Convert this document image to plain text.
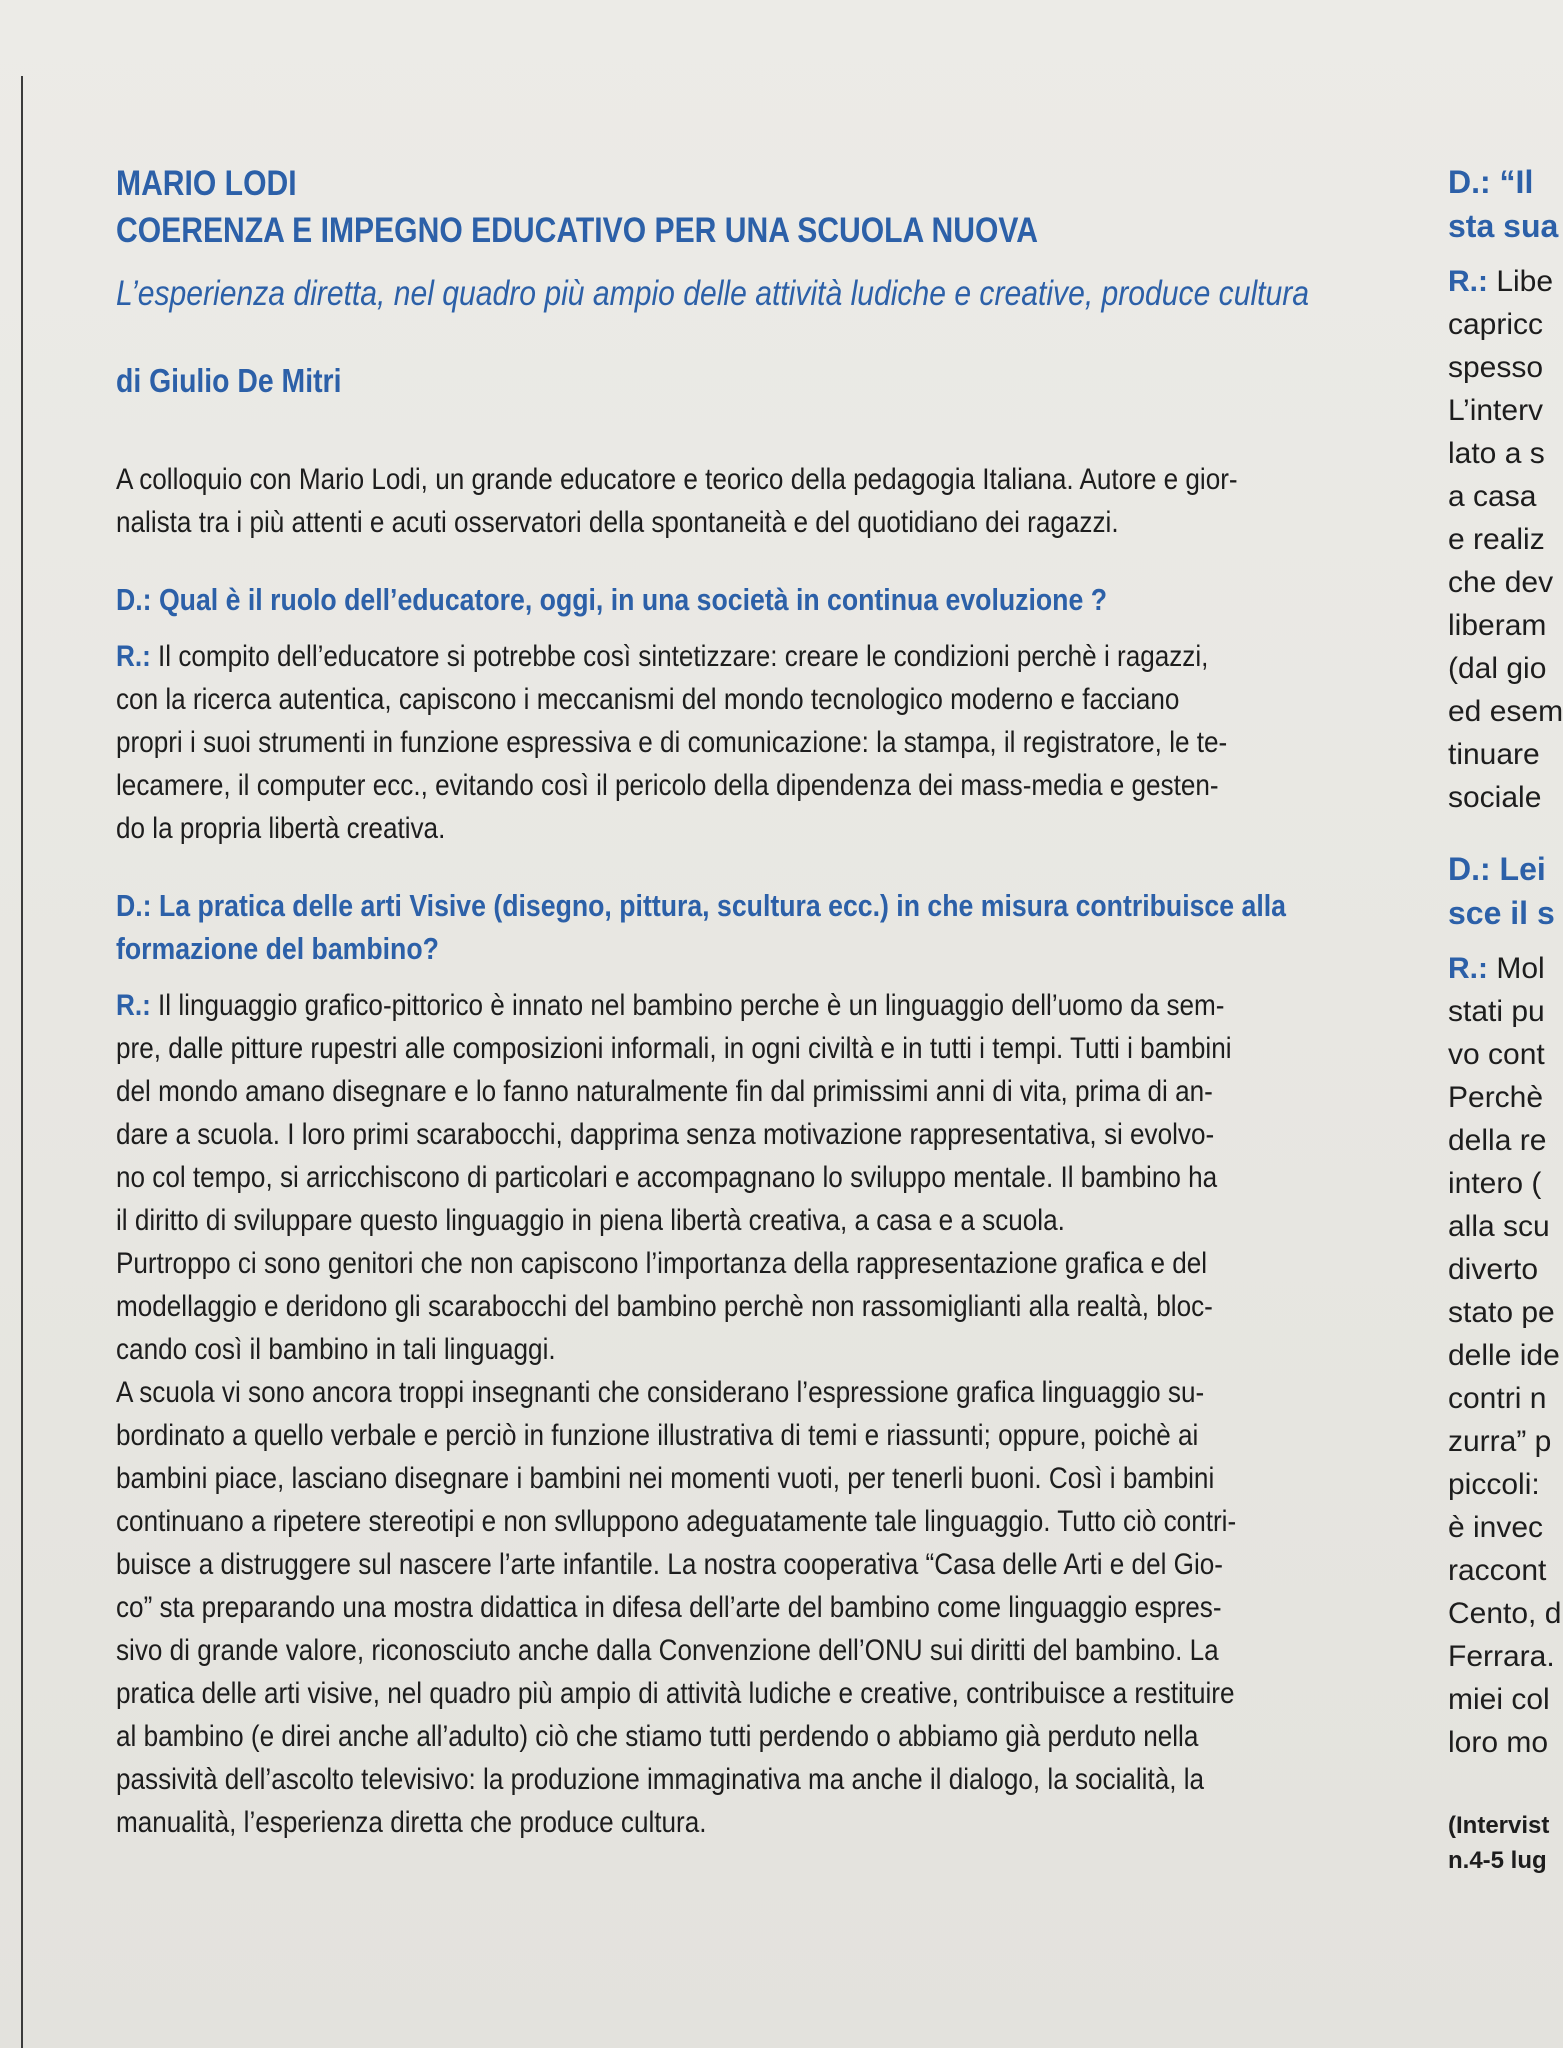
MARIO LODI
COERENZA E IMPEGNO EDUCATIVO PER UNA SCUOLA NUOVA
L’esperienza diretta, nel quadro più ampio delle attività ludiche e creative, produce cultura
di Giulio De Mitri
A colloquio con Mario Lodi, un grande educatore e teorico della pedagogia Italiana. Autore e gior-
nalista tra i più attenti e acuti osservatori della spontaneità e del quotidiano dei ragazzi.
D.: Qual è il ruolo dell’educatore, oggi, in una società in continua evoluzione ?
R.: Il compito dell’educatore si potrebbe così sintetizzare: creare le condizioni perchè i ragazzi,
con la ricerca autentica, capiscono i meccanismi del mondo tecnologico moderno e facciano
propri i suoi strumenti in funzione espressiva e di comunicazione: la stampa, il registratore, le te-
lecamere, il computer ecc., evitando così il pericolo della dipendenza dei mass-media e gesten-
do la propria libertà creativa.
D.: La pratica delle arti Visive (disegno, pittura, scultura ecc.) in che misura contribuisce alla
formazione del bambino?
R.: Il linguaggio grafico-pittorico è innato nel bambino perche è un linguaggio dell’uomo da sem-
pre, dalle pitture rupestri alle composizioni informali, in ogni civiltà e in tutti i tempi. Tutti i bambini
del mondo amano disegnare e lo fanno naturalmente fin dal primissimi anni di vita, prima di an-
dare a scuola. I loro primi scarabocchi, dapprima senza motivazione rappresentativa, si evolvo-
no col tempo, si arricchiscono di particolari e accompagnano lo sviluppo mentale. Il bambino ha
il diritto di sviluppare questo linguaggio in piena libertà creativa, a casa e a scuola.
Purtroppo ci sono genitori che non capiscono l’importanza della rappresentazione grafica e del
modellaggio e deridono gli scarabocchi del bambino perchè non rassomiglianti alla realtà, bloc-
cando così il bambino in tali linguaggi.
A scuola vi sono ancora troppi insegnanti che considerano l’espressione grafica linguaggio su-
bordinato a quello verbale e perciò in funzione illustrativa di temi e riassunti; oppure, poichè ai
bambini piace, lasciano disegnare i bambini nei momenti vuoti, per tenerli buoni. Così i bambini
continuano a ripetere stereotipi e non svlluppono adeguatamente tale linguaggio. Tutto ciò contri-
buisce a distruggere sul nascere l’arte infantile. La nostra cooperativa “Casa delle Arti e del Gio-
co” sta preparando una mostra didattica in difesa dell’arte del bambino come linguaggio espres-
sivo di grande valore, riconosciuto anche dalla Convenzione dell’ONU sui diritti del bambino. La
pratica delle arti visive, nel quadro più ampio di attività ludiche e creative, contribuisce a restituire
al bambino (e direi anche all’adulto) ciò che stiamo tutti perdendo o abbiamo già perduto nella
passività dell’ascolto televisivo: la produzione immaginativa ma anche il dialogo, la socialità, la
manualità, l’esperienza diretta che produce cultura.
D.: “Il
sta sua
R.: Libe
capricc
spesso
L’interv
lato a s
a casa
e realiz
che dev
liberam
(dal gio
ed esem
tinuare
sociale
D.: Lei
sce il s
R.: Mol
stati pu
vo cont
Perchè
della re
intero (
alla scu
diverto
stato pe
delle ide
contri n
zurra” p
piccoli:
è invec
raccont
Cento, d
Ferrara.
miei col
loro mo
(Intervist
n.4-5 lug
